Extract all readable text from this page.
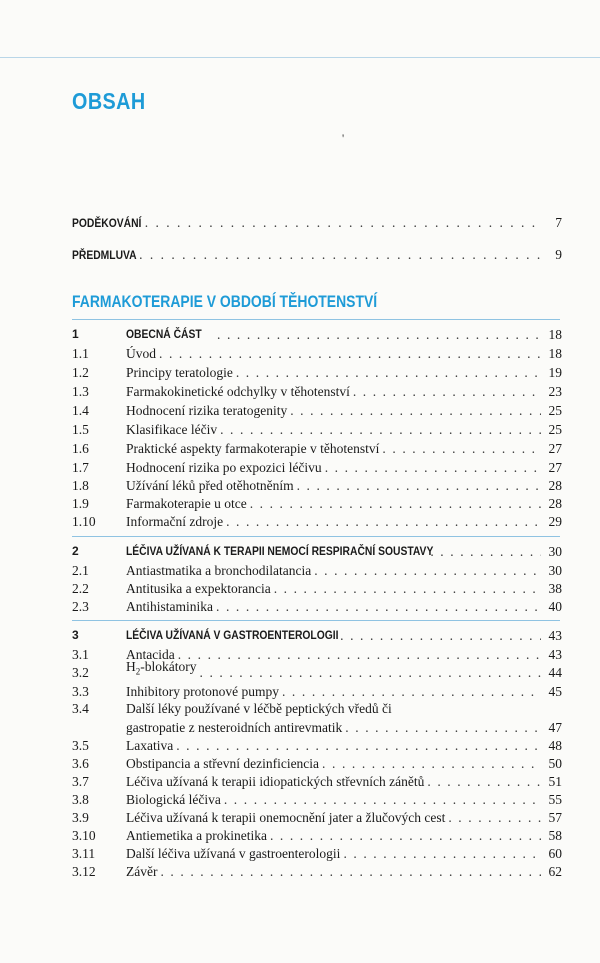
OBSAH
'
PODĚKOVÁNÍ . . .	7
PŘEDMLUVA . . .	9
FARMAKOTERAPIE V OBDOBÍ TĚHOTENSTVÍ
1	OBECNÁ ČÁST . . .	18
1.1	Úvod . . .	18
1.2	Principy teratologie . . .	19
1.3	Farmakokinetické odchylky v těhotenství . . .	23
1.4	Hodnocení rizika teratogenity . . .	25
1.5	Klasifikace léčiv . . .	25
1.6	Praktické aspekty farmakoterapie v těhotenství . . .	27
1.7	Hodnocení rizika po expozici léčivu . . .	27
1.8	Užívání léků před otěhotněním . . .	28
1.9	Farmakoterapie u otce . . .	28
1.10	Informační zdroje . . .	29
2	LÉČIVA UŽÍVANÁ K TERAPII NEMOCÍ RESPIRAČNÍ SOUSTAVY . . .	30
2.1	Antiastmatika a bronchodilatancia . . .	30
2.2	Antitusika a expektorancia . . .	38
2.3	Antihistaminika . . .	40
3	LÉČIVA UŽÍVANÁ V GASTROENTEROLOGII . . .	43
3.1	Antacida . . .	43
3.2	$H_2$-blokátory . . .	44
3.3	Inhibitory protonové pumpy . . .	45
3.4	Další léky používané v léčbě peptických vředů či
gastropatie z nesteroidních antirevmatik . . .	47
3.5	Laxativa . . .	48
3.6	Obstipancia a střevní dezinficiencia . . .	50
3.7	Léčiva užívaná k terapii idiopatických střevních zánětů . . .	51
3.8	Biologická léčiva . . .	55
3.9	Léčiva užívaná k terapii onemocnění jater a žlučových cest . . .	57
3.10	Antiemetika a prokinetika . . .	58
3.11	Další léčiva užívaná v gastroenterologii . . .	60
3.12	Závěr . . .	62
